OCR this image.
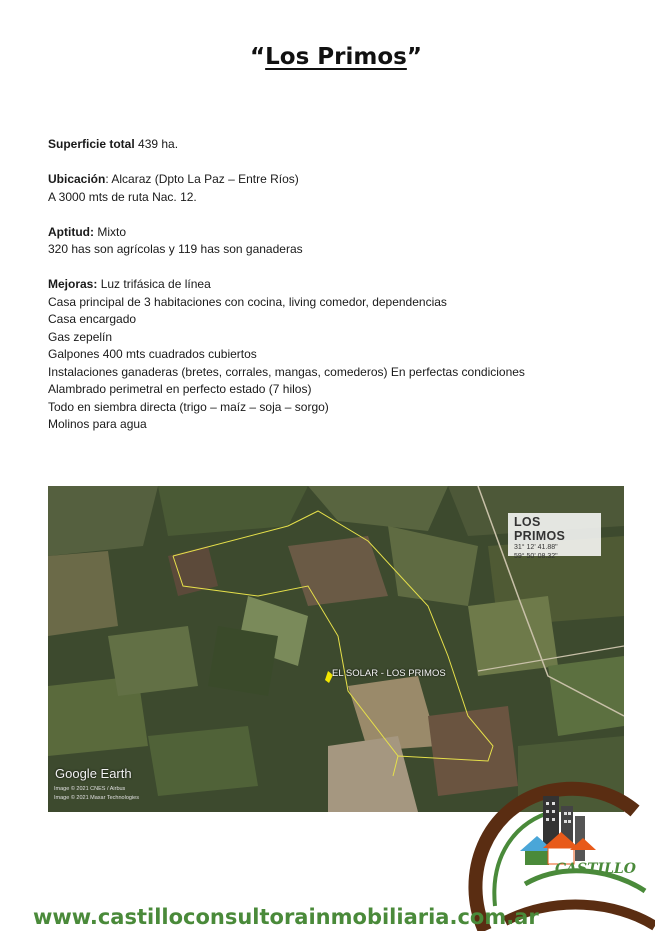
“Los Primos”

Superficie total 439 ha.

Ubicación: Alcaraz (Dpto La Paz – Entre Ríos)

A 3000 mts de ruta Nac. 12.

Aptitud: Mixto

320 has son agrícolas y 119 has son ganaderas

Mejoras: Luz trifásica de línea

Casa principal de 3 habitaciones con cocina, living comedor, dependencias

Casa encargado

Gas zepelín

Galpones 400 mts cuadrados cubiertos

Instalaciones ganaderas (bretes, corrales, mangas, comederos) En perfectas condiciones

Alambrado perimetral en perfecto estado (7 hilos)

Todo en siembra directa (trigo – maíz – soja – sorgo)

Molinos para agua

LOS PRIMOS
31° 12' 41.88"
59° 50' 08.32"
EL SOLAR - LOS PRIMOS
Google Earth
Image © 2021 CNES / Airbus
Image © 2021 Maxar Technologies
CASTILLO
www.castilloconsultorainmobiliaria.com.ar
